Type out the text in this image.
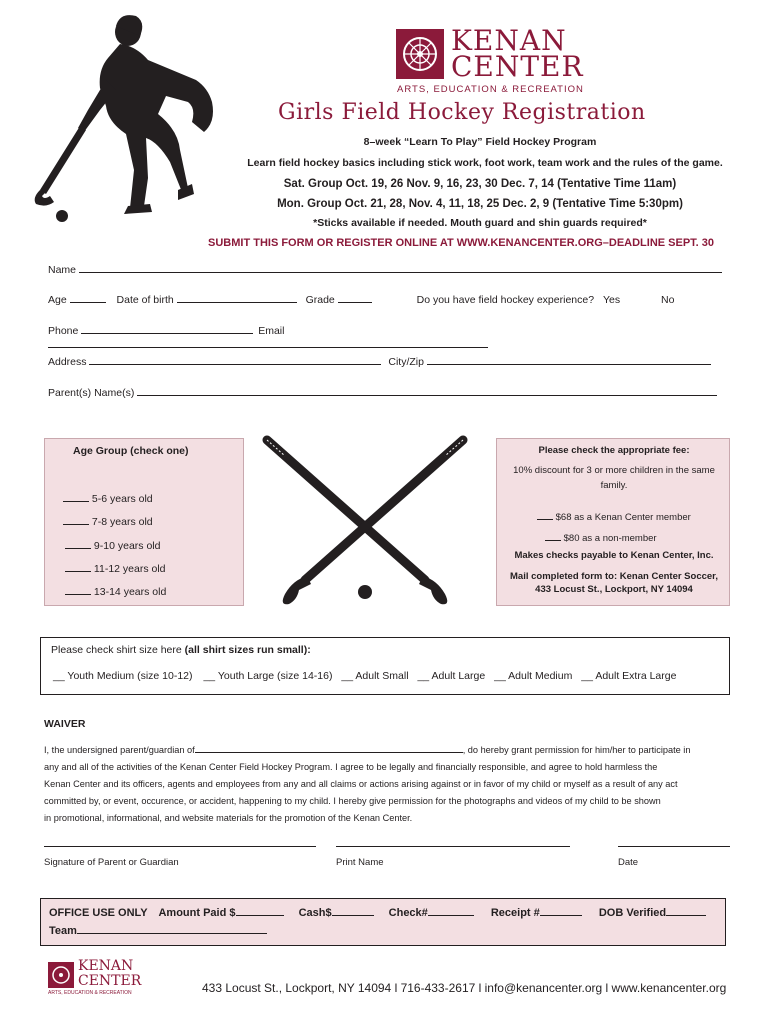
KENAN
CENTER
ARTS, EDUCATION & RECREATION
Girls Field Hockey Registration
8–week “Learn To Play” Field Hockey Program
Learn field hockey basics including stick work, foot work, team work and the rules of the game.
Sat. Group Oct. 19, 26 Nov. 9, 16, 23, 30 Dec. 7, 14 (Tentative Time 11am)
Mon. Group Oct. 21, 28, Nov. 4, 11, 18, 25 Dec. 2, 9 (Tentative Time 5:30pm)
*Sticks available if needed. Mouth guard and shin guards required*
SUBMIT THIS FORM OR REGISTER ONLINE AT WWW.KENANCENTER.ORG–DEADLINE SEPT. 30
Name
Age	Date of birth	Grade	Do you have field hockey experience? Yes	No
Phone	Email
Address	City/Zip
Parent(s) Name(s)
Age Group (check one)
5-6 years old
7-8 years old
9-10 years old
11-12 years old
13-14 years old
Please check the appropriate fee:
10% discount for 3 or more children in the same family.
$68 as a Kenan Center member
$80 as a non-member
Makes checks payable to Kenan Center, Inc.
Mail completed form to: Kenan Center Soccer,
433 Locust St., Lockport, NY 14094
Please check shirt size here (all shirt sizes run small):
__ Youth Medium (size 10-12) __ Youth Large (size 14-16) __ Adult Small __ Adult Large __ Adult Medium __ Adult Extra Large
WAIVER
I, the undersigned parent/guardian of	, do hereby grant permission for him/her to participate in
any and all of the activities of the Kenan Center Field Hockey Program. I agree to be legally and financially responsible, and agree to hold harmless the
Kenan Center and its officers, agents and employees from any and all claims or actions arising against or in favor of my child or myself as a result of any act
committed by, or event, occurence, or accident, happening to my child. I hereby give permission for the photographs and videos of my child to be shown
in promotional, informational, and website materials for the promotion of the Kenan Center.
Signature of Parent or Guardian	Print Name	Date
OFFICE USE ONLY Amount Paid $	Cash$	Check#	Receipt #	DOB Verified
Team
KENAN
CENTER
ARTS, EDUCATION & RECREATION	433 Locust St., Lockport, NY 14094 l 716-433-2617 l info@kenancenter.org l www.kenancenter.org
